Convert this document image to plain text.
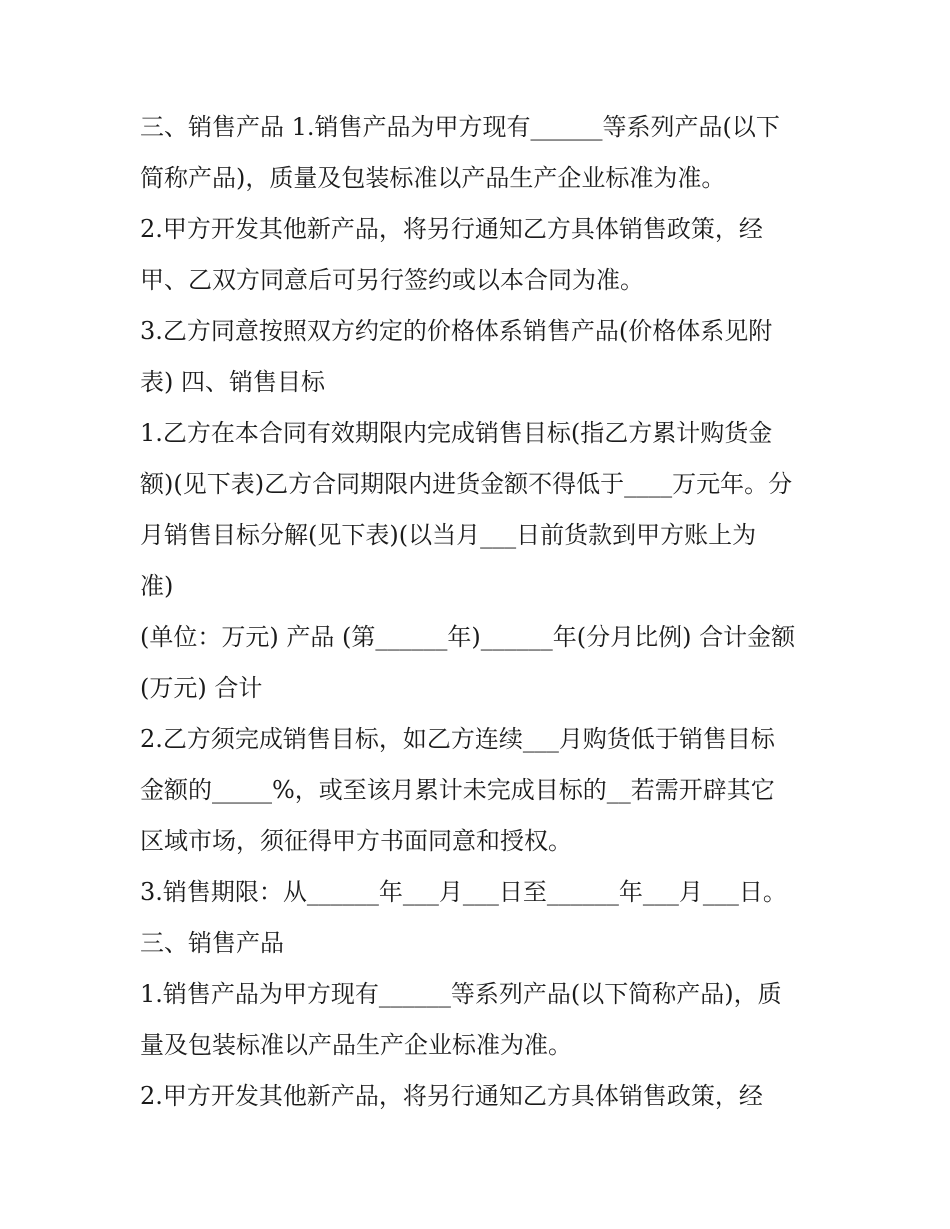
三、销售产品 1.销售产品为甲方现有______等系列产品(以下
简称产品)，质量及包装标准以产品生产企业标准为准。
2.甲方开发其他新产品，将另行通知乙方具体销售政策，经
甲、乙双方同意后可另行签约或以本合同为准。
3.乙方同意按照双方约定的价格体系销售产品(价格体系见附
表) 四、销售目标
1.乙方在本合同有效期限内完成销售目标(指乙方累计购货金
额)(见下表)乙方合同期限内进货金额不得低于____万元年。分
月销售目标分解(见下表)(以当月___日前货款到甲方账上为
准)
(单位：万元) 产品 (第______年)______年(分月比例) 合计金额
(万元) 合计
2.乙方须完成销售目标，如乙方连续___月购货低于销售目标
金额的_____%，或至该月累计未完成目标的__若需开辟其它
区域市场，须征得甲方书面同意和授权。
3.销售期限：从______年___月___日至______年___月___日。
三、销售产品
1.销售产品为甲方现有______等系列产品(以下简称产品)，质
量及包装标准以产品生产企业标准为准。
2.甲方开发其他新产品，将另行通知乙方具体销售政策，经
